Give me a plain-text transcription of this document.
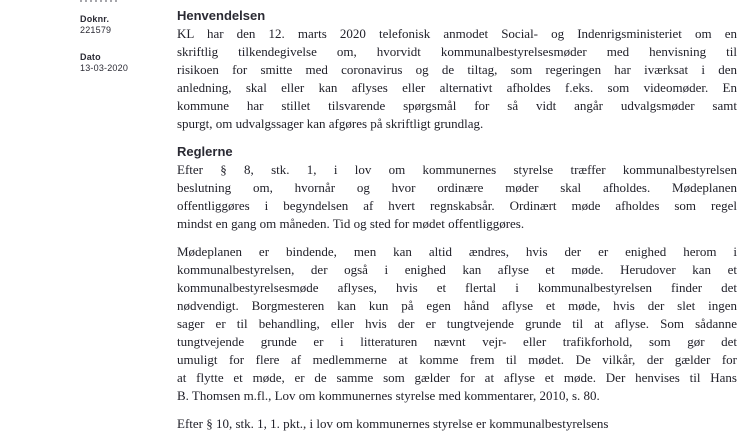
Doknr.
221579
Dato
13-03-2020
Henvendelsen
KL har den 12. marts 2020 telefonisk anmodet Social- og Indenrigsministeriet om en
skriftlig tilkendegivelse om, hvorvidt kommunalbestyrelsesmøder med henvisning til
risikoen for smitte med coronavirus og de tiltag, som regeringen har iværksat i den
anledning, skal eller kan aflyses eller alternativt afholdes f.eks. som videomøder. En
kommune har stillet tilsvarende spørgsmål for så vidt angår udvalgsmøder samt
spurgt, om udvalgssager kan afgøres på skriftligt grundlag.
Reglerne
Efter § 8, stk. 1, i lov om kommunernes styrelse træffer kommunalbestyrelsen
beslutning om, hvornår og hvor ordinære møder skal afholdes. Mødeplanen
offentliggøres i begyndelsen af hvert regnskabsår. Ordinært møde afholdes som regel
mindst en gang om måneden. Tid og sted for mødet offentliggøres.
Mødeplanen er bindende, men kan altid ændres, hvis der er enighed herom i
kommunalbestyrelsen, der også i enighed kan aflyse et møde. Herudover kan et
kommunalbestyrelsesmøde aflyses, hvis et flertal i kommunalbestyrelsen finder det
nødvendigt. Borgmesteren kan kun på egen hånd aflyse et møde, hvis der slet ingen
sager er til behandling, eller hvis der er tungtvejende grunde til at aflyse. Som sådanne
tungtvejende grunde er i litteraturen nævnt vejr- eller trafikforhold, som gør det
umuligt for flere af medlemmerne at komme frem til mødet. De vilkår, der gælder for
at flytte et møde, er de samme som gælder for at aflyse et møde. Der henvises til Hans
B. Thomsen m.fl., Lov om kommunernes styrelse med kommentarer, 2010, s. 80.
Efter § 10, stk. 1, 1. pkt., i lov om kommunernes styrelse er kommunalbestyrelsens
